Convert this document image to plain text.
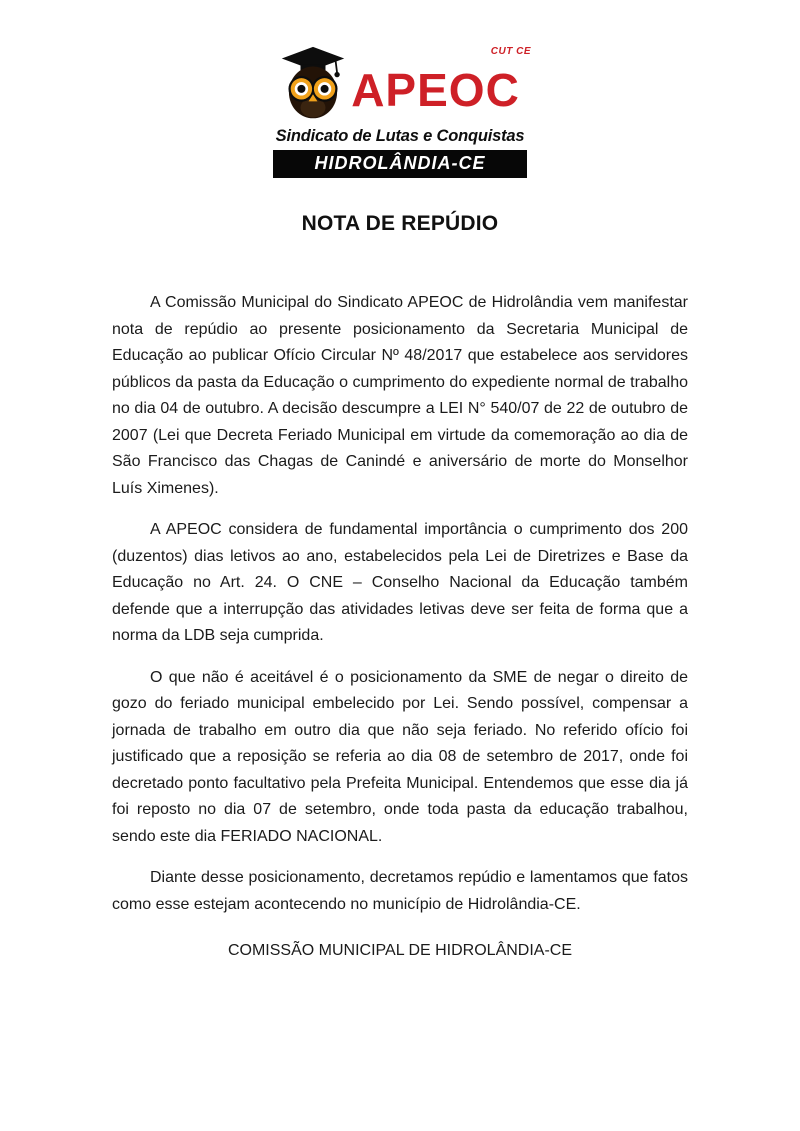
APEOC
CUT CE
Sindicato de Lutas e Conquistas
HIDROLÂNDIA-CE
NOTA DE REPÚDIO

A Comissão Municipal do Sindicato APEOC de Hidrolândia vem manifestar nota de repúdio ao presente posicionamento da Secretaria Municipal de Educação ao publicar Ofício Circular Nº 48/2017 que estabelece aos servidores públicos da pasta da Educação o cumprimento do expediente normal de trabalho no dia 04 de outubro. A decisão descumpre a LEI N° 540/07 de 22 de outubro de 2007 (Lei que Decreta Feriado Municipal em virtude da comemoração ao dia de São Francisco das Chagas de Canindé e aniversário de morte do Monselhor Luís Ximenes).

A APEOC considera de fundamental importância o cumprimento dos 200 (duzentos) dias letivos ao ano, estabelecidos pela Lei de Diretrizes e Base da Educação no Art. 24. O CNE – Conselho Nacional da Educação também defende que a interrupção das atividades letivas deve ser feita de forma que a norma da LDB seja cumprida.

O que não é aceitável é o posicionamento da SME de negar o direito de gozo do feriado municipal embelecido por Lei. Sendo possível, compensar a jornada de trabalho em outro dia que não seja feriado. No referido ofício foi justificado que a reposição se referia ao dia 08 de setembro de 2017, onde foi decretado ponto facultativo pela Prefeita Municipal. Entendemos que esse dia já foi reposto no dia 07 de setembro, onde toda pasta da educação trabalhou, sendo este dia FERIADO NACIONAL.

Diante desse posicionamento, decretamos repúdio e lamentamos que fatos como esse estejam acontecendo no município de Hidrolândia-CE.

COMISSÃO MUNICIPAL DE HIDROLÂNDIA-CE
